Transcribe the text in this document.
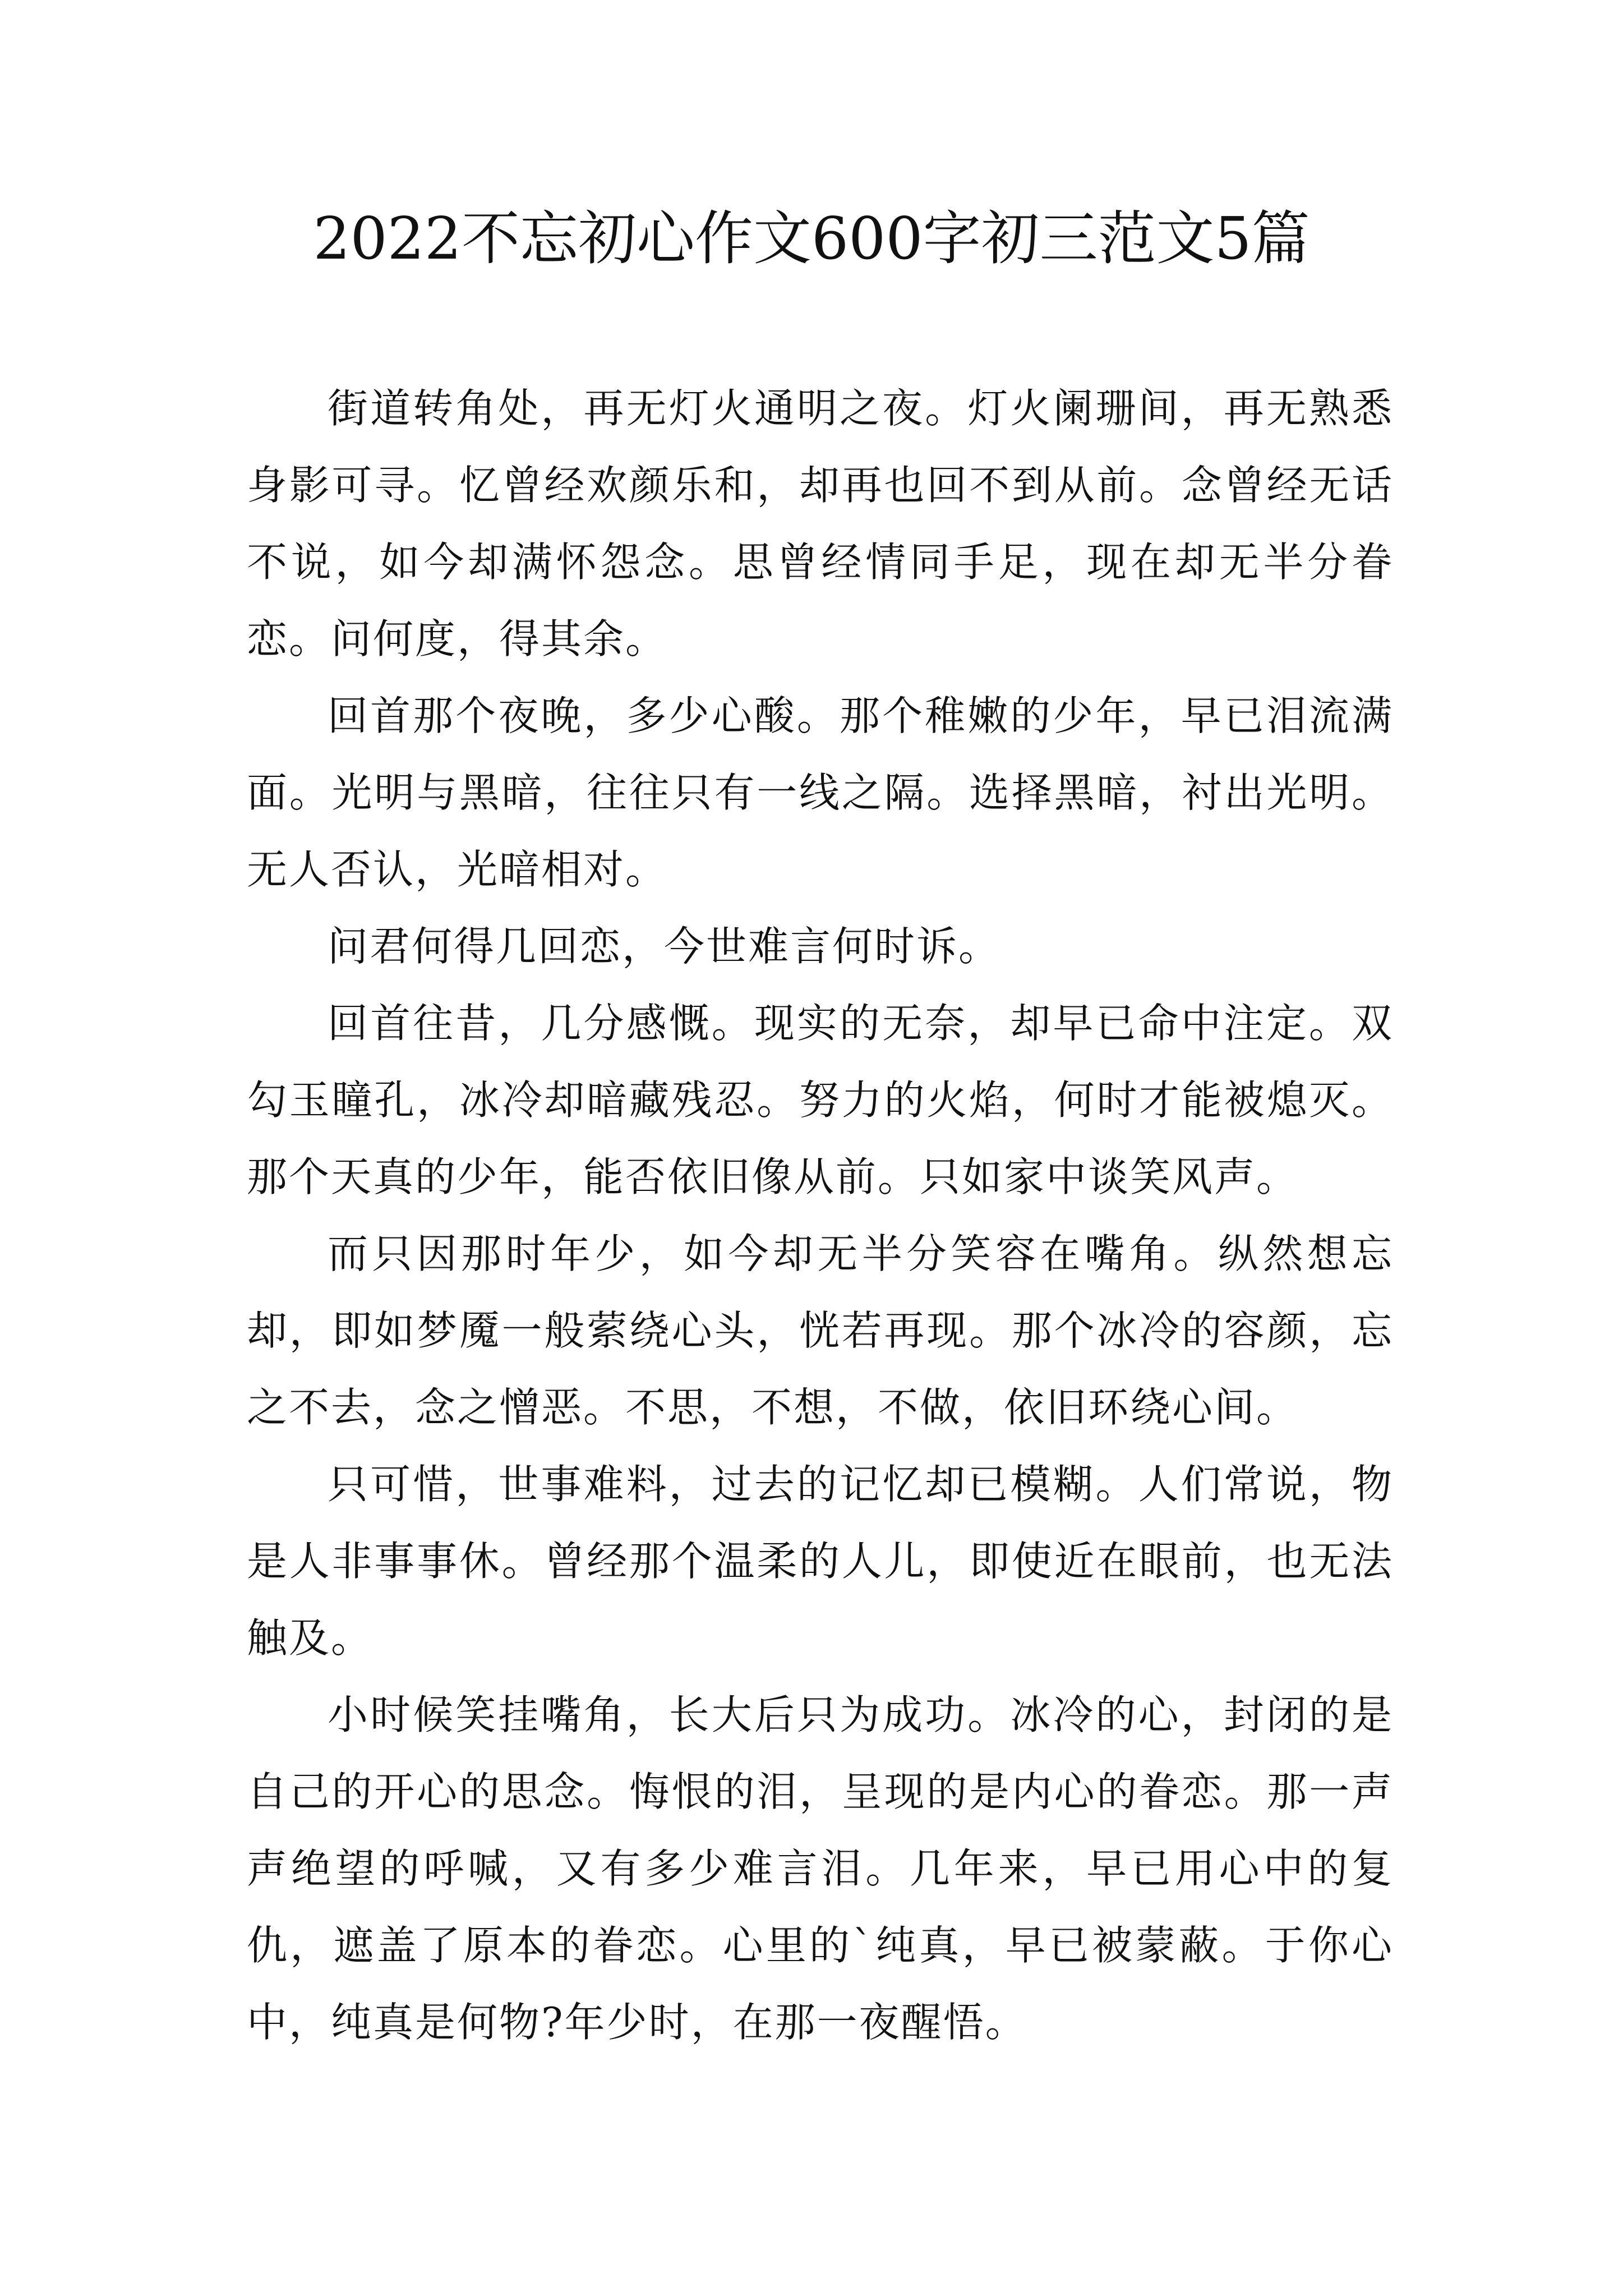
2022不忘初心作文600字初三范文5篇

街道转角处，再无灯火通明之夜。灯火阑珊间，再无熟悉身影可寻。忆曾经欢颜乐和，却再也回不到从前。念曾经无话不说，如今却满怀怨念。思曾经情同手足，现在却无半分眷恋。问何度，得其余。

回首那个夜晚，多少心酸。那个稚嫩的少年，早已泪流满面。光明与黑暗，往往只有一线之隔。选择黑暗，衬出光明。无人否认，光暗相对。

问君何得几回恋，今世难言何时诉。

回首往昔，几分感慨。现实的无奈，却早已命中注定。双勾玉瞳孔，冰冷却暗藏残忍。努力的火焰，何时才能被熄灭。那个天真的少年，能否依旧像从前。只如家中谈笑风声。

而只因那时年少，如今却无半分笑容在嘴角。纵然想忘却，即如梦魇一般萦绕心头，恍若再现。那个冰冷的容颜，忘之不去，念之憎恶。不思，不想，不做，依旧环绕心间。

只可惜，世事难料，过去的记忆却已模糊。人们常说，物是人非事事休。曾经那个温柔的人儿，即使近在眼前，也无法触及。

小时候笑挂嘴角，长大后只为成功。冰冷的心，封闭的是自己的开心的思念。悔恨的泪，呈现的是内心的眷恋。那一声声绝望的呼喊，又有多少难言泪。几年来，早已用心中的复仇，遮盖了原本的眷恋。心里的`纯真，早已被蒙蔽。于你心中，纯真是何物?年少时，在那一夜醒悟。
